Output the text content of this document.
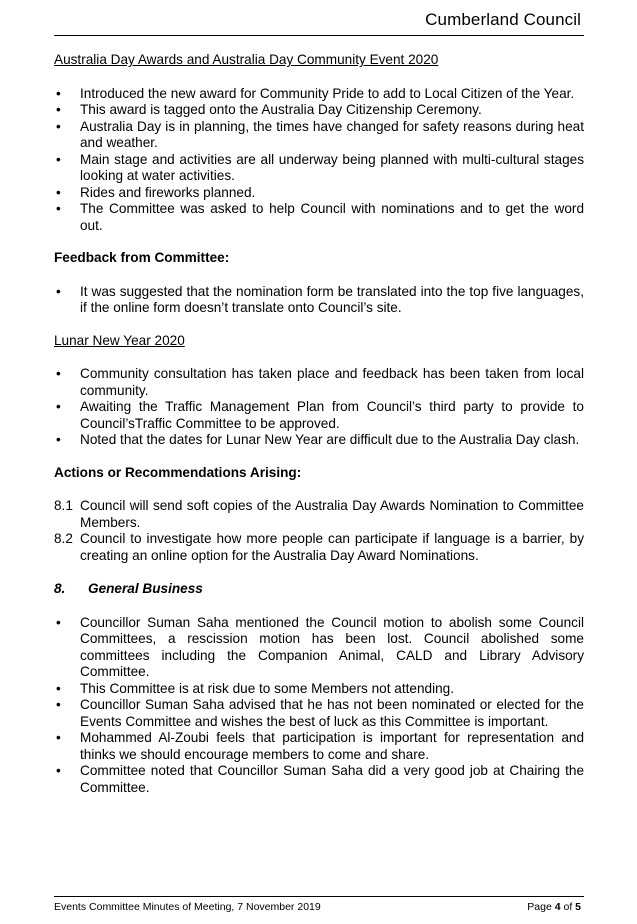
Cumberland Council
Australia Day Awards and Australia Day Community Event 2020
• Introduced the new award for Community Pride to add to Local Citizen of the Year.
• This award is tagged onto the Australia Day Citizenship Ceremony.
• Australia Day is in planning, the times have changed for safety reasons during heat and weather.
• Main stage and activities are all underway being planned with multi-cultural stages looking at water activities.
• Rides and fireworks planned.
• The Committee was asked to help Council with nominations and to get the word out.
Feedback from Committee:
• It was suggested that the nomination form be translated into the top five languages, if the online form doesn’t translate onto Council’s site.
Lunar New Year 2020
• Community consultation has taken place and feedback has been taken from local community.
• Awaiting the Traffic Management Plan from Council’s third party to provide to Council’sTraffic Committee to be approved.
• Noted that the dates for Lunar New Year are difficult due to the Australia Day clash.
Actions or Recommendations Arising:
8.1 Council will send soft copies of the Australia Day Awards Nomination to Committee Members.
8.2 Council to investigate how more people can participate if language is a barrier, by creating an online option for the Australia Day Award Nominations.
8.	General Business
• Councillor Suman Saha mentioned the Council motion to abolish some Council Committees, a rescission motion has been lost. Council abolished some committees including the Companion Animal, CALD and Library Advisory Committee.
• This Committee is at risk due to some Members not attending.
• Councillor Suman Saha advised that he has not been nominated or elected for the Events Committee and wishes the best of luck as this Committee is important.
• Mohammed Al-Zoubi feels that participation is important for representation and thinks we should encourage members to come and share.
• Committee noted that Councillor Suman Saha did a very good job at Chairing the Committee.
Events Committee Minutes of Meeting, 7 November 2019	Page 4 of 5
